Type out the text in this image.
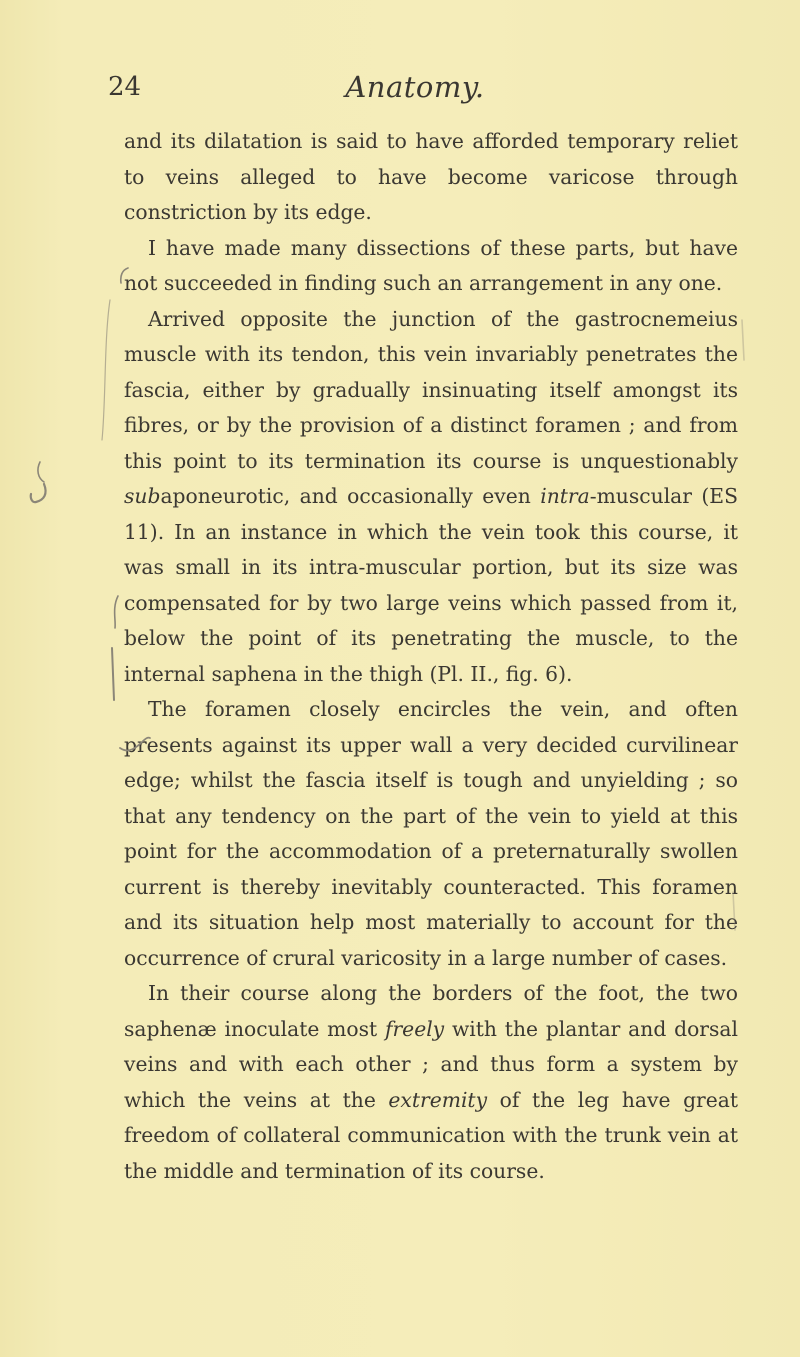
24	Anatomy.

and its dilatation is said to have afforded temporary reliet to veins alleged to have become varicose through constriction by its edge.

I have made many dissections of these parts, but have not succeeded in finding such an arrangement in any one.

Arrived opposite the junction of the gastrocnemeius muscle with its tendon, this vein invariably penetrates the fascia, either by gradually insinuating itself amongst its fibres, or by the provision of a distinct foramen ; and from this point to its termination its course is unquestionably subaponeurotic, and occasionally even intra-muscular (ES 11). In an instance in which the vein took this course, it was small in its intra-muscular portion, but its size was compensated for by two large veins which passed from it, below the point of its penetrating the muscle, to the internal saphena in the thigh (Pl. II., fig. 6).

The foramen closely encircles the vein, and often presents against its upper wall a very decided curvilinear edge; whilst the fascia itself is tough and unyielding ; so that any tendency on the part of the vein to yield at this point for the accommodation of a preternaturally swollen current is thereby inevitably counteracted. This foramen and its situation help most materially to account for the occurrence of crural varicosity in a large number of cases.

In their course along the borders of the foot, the two saphenæ inoculate most freely with the plantar and dorsal veins and with each other ; and thus form a system by which the veins at the extremity of the leg have great freedom of collateral communication with the trunk vein at the middle and termination of its course.
